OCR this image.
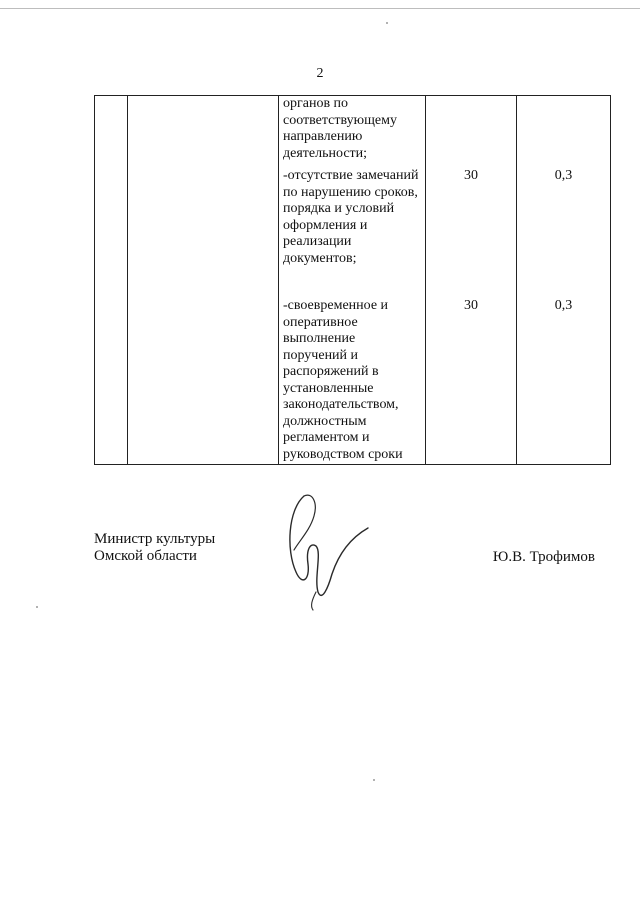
2
		органов по соответствующему направлению деятельности;		
		-отсутствие замечаний по нарушению сроков, порядка и условий оформления и реализации документов;	30	0,3
		-своевременное и оперативное выполнение поручений и распоряжений в установленные законодательством, должностным регламентом и руководством сроки	30	0,3
Министр культуры
Омской области	Ю.В. Трофимов
